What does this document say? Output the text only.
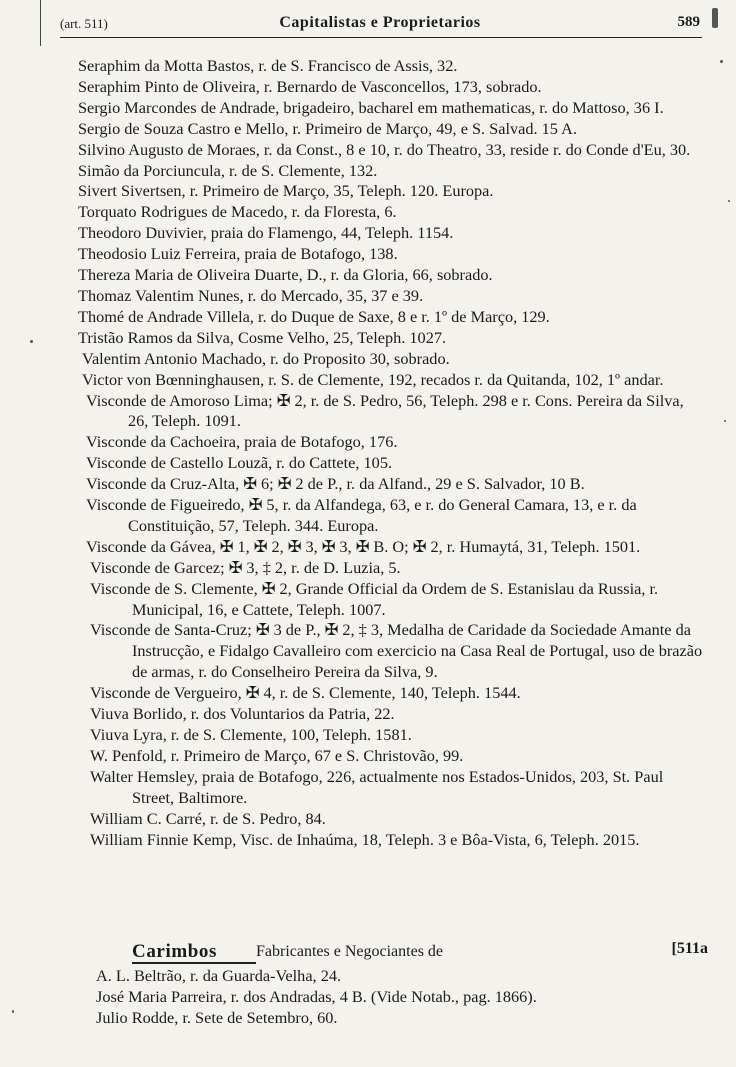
(art. 511)	Capitalistas e Proprietarios	589

Seraphim da Motta Bastos, r. de S. Francisco de Assis, 32.

Seraphim Pinto de Oliveira, r. Bernardo de Vasconcellos, 173, sobrado.

Sergio Marcondes de Andrade, brigadeiro, bacharel em mathematicas, r. do Mattoso, 36 I.

Sergio de Souza Castro e Mello, r. Primeiro de Março, 49, e S. Salvad. 15 A.

Silvino Augusto de Moraes, r. da Const., 8 e 10, r. do Theatro, 33, reside r. do Conde d'Eu, 30.

Simão da Porciuncula, r. de S. Clemente, 132.

Sivert Sivertsen, r. Primeiro de Março, 35, Teleph. 120. Europa.

Torquato Rodrigues de Macedo, r. da Floresta, 6.

Theodoro Duvivier, praia do Flamengo, 44, Teleph. 1154.

Theodosio Luiz Ferreira, praia de Botafogo, 138.

Thereza Maria de Oliveira Duarte, D., r. da Gloria, 66, sobrado.

Thomaz Valentim Nunes, r. do Mercado, 35, 37 e 39.

Thomé de Andrade Villela, r. do Duque de Saxe, 8 e r. 1º de Março, 129.

Tristão Ramos da Silva, Cosme Velho, 25, Teleph. 1027.

Valentim Antonio Machado, r. do Proposito 30, sobrado.

Victor von Bœnninghausen, r. S. de Clemente, 192, recados r. da Quitanda, 102, 1º andar.

Visconde de Amoroso Lima; ✠ 2, r. de S. Pedro, 56, Teleph. 298 e r. Cons. Pereira da Silva, 26, Teleph. 1091.

Visconde da Cachoeira, praia de Botafogo, 176.

Visconde de Castello Louzã, r. do Cattete, 105.

Visconde da Cruz-Alta, ✠ 6; ✠ 2 de P., r. da Alfand., 29 e S. Salvador, 10 B.

Visconde de Figueiredo, ✠ 5, r. da Alfandega, 63, e r. do General Camara, 13, e r. da Constituição, 57, Teleph. 344. Europa.

Visconde da Gávea, ✠ 1, ✠ 2, ✠ 3, ✠ 3, ✠ B. O; ✠ 2, r. Humaytá, 31, Teleph. 1501.

Visconde de Garcez; ✠ 3, ‡ 2, r. de D. Luzia, 5.

Visconde de S. Clemente, ✠ 2, Grande Official da Ordem de S. Estanislau da Russia, r. Municipal, 16, e Cattete, Teleph. 1007.

Visconde de Santa-Cruz; ✠ 3 de P., ✠ 2, ‡ 3, Medalha de Caridade da Sociedade Amante da Instrucção, e Fidalgo Cavalleiro com exercicio na Casa Real de Portugal, uso de brazão de armas, r. do Conselheiro Pereira da Silva, 9.

Visconde de Vergueiro, ✠ 4, r. de S. Clemente, 140, Teleph. 1544.

Viuva Borlido, r. dos Voluntarios da Patria, 22.

Viuva Lyra, r. de S. Clemente, 100, Teleph. 1581.

W. Penfold, r. Primeiro de Março, 67 e S. Christovão, 99.

Walter Hemsley, praia de Botafogo, 226, actualmente nos Estados-Unidos, 203, St. Paul Street, Baltimore.

William C. Carré, r. de S. Pedro, 84.

William Finnie Kemp, Visc. de Inhaúma, 18, Teleph. 3 e Bôa-Vista, 6, Teleph. 2015.

Carimbos Fabricantes e Negociantes de	[511a

A. L. Beltrão, r. da Guarda-Velha, 24.

José Maria Parreira, r. dos Andradas, 4 B. (Vide Notab., pag. 1866).

Julio Rodde, r. Sete de Setembro, 60.
